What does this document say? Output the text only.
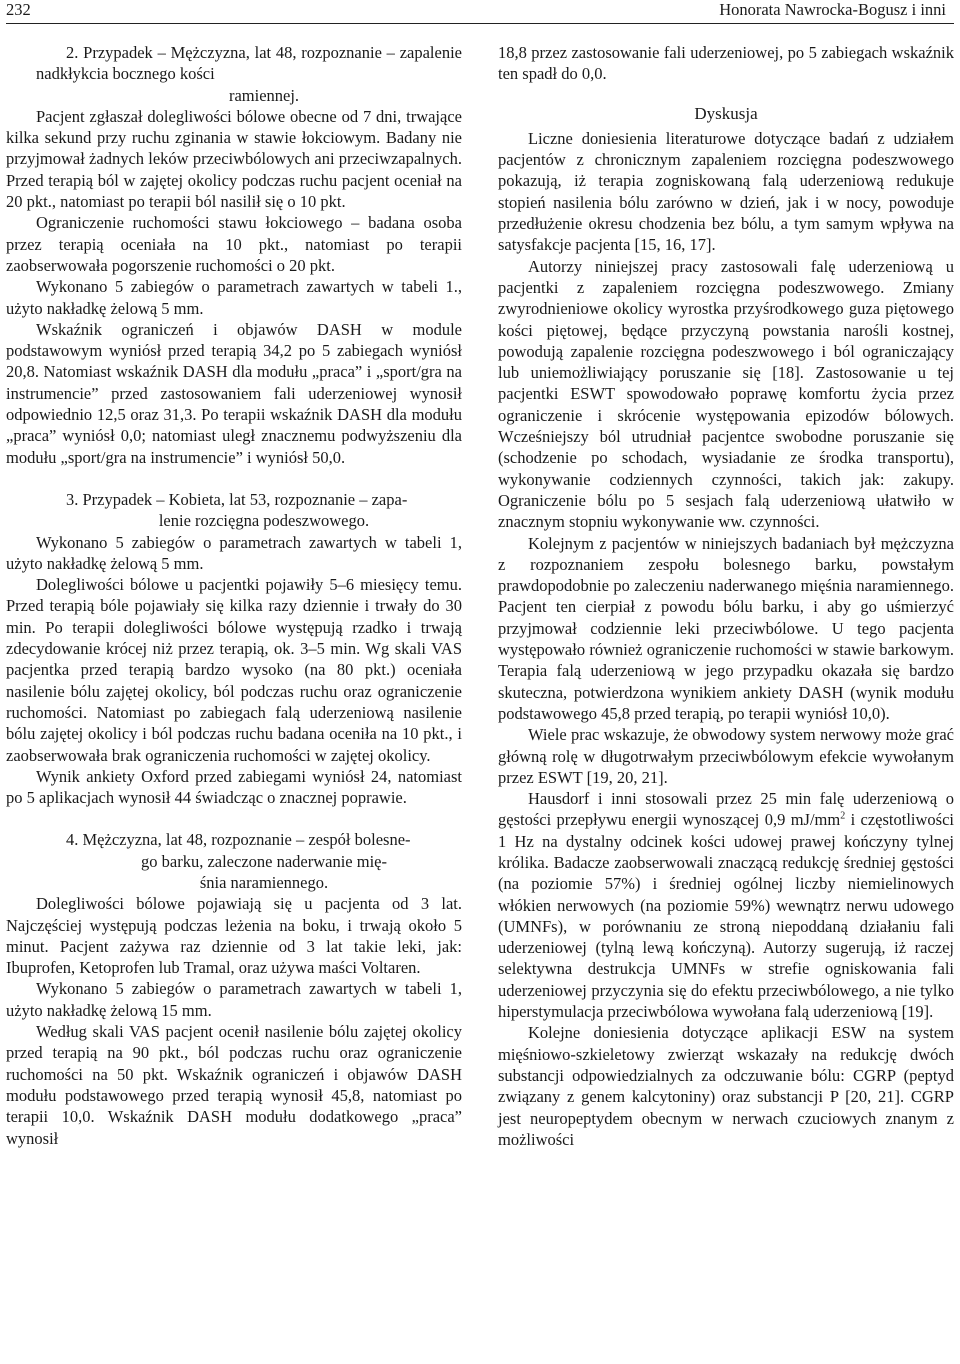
232	Honorata Nawrocka-Bogusz i inni

2. Przypadek – Mężczyzna, lat 48, rozpoznanie – zapalenie nadkłykcia bocznego kości
ramiennej.

Pacjent zgłaszał dolegliwości bólowe obecne od 7 dni, trwające kilka sekund przy ruchu zginania w stawie łokciowym. Badany nie przyjmował żadnych leków przeciwbólowych ani przeciwzapalnych. Przed terapią ból w zajętej okolicy podczas ruchu pacjent oceniał na 20 pkt., natomiast po terapii ból nasilił się o 10 pkt.

Ograniczenie ruchomości stawu łokciowego – badana osoba przez terapią oceniała na 10 pkt., natomiast po terapii zaobserwowała pogorszenie ruchomości o 20 pkt.

Wykonano 5 zabiegów o parametrach zawartych w tabeli 1., użyto nakładkę żelową 5 mm.

Wskaźnik ograniczeń i objawów DASH w module podstawowym wyniósł przed terapią 34,2 po 5 zabiegach wyniósł 20,8. Natomiast wskaźnik DASH dla modułu „praca” i „sport/gra na instrumencie” przed zastosowaniem fali uderzeniowej wynosił odpowiednio 12,5 oraz 31,3. Po terapii wskaźnik DASH dla modułu „praca” wyniósł 0,0; natomiast uległ znacznemu podwyższeniu dla modułu „sport/gra na instrumencie” i wyniósł 50,0.

3. Przypadek – Kobieta, lat 53, rozpoznanie – zapa-
lenie rozcięgna podeszwowego.

Wykonano 5 zabiegów o parametrach zawartych w tabeli 1, użyto nakładkę żelową 5 mm.

Dolegliwości bólowe u pacjentki pojawiły 5–6 miesięcy temu. Przed terapią bóle pojawiały się kilka razy dziennie i trwały do 30 min. Po terapii dolegliwości bólowe występują rzadko i trwają zdecydowanie krócej niż przez terapią, ok. 3–5 min. Wg skali VAS pacjentka przed terapią bardzo wysoko (na 80 pkt.) oceniała nasilenie bólu zajętej okolicy, ból podczas ruchu oraz ograniczenie ruchomości. Natomiast po zabiegach falą uderzeniową nasilenie bólu zajętej okolicy i ból podczas ruchu badana oceniła na 10 pkt., i zaobserwowała brak ograniczenia ruchomości w zajętej okolicy.

Wynik ankiety Oxford przed zabiegami wyniósł 24, natomiast po 5 aplikacjach wynosił 44 świadcząc o znacznej poprawie.

4. Mężczyzna, lat 48, rozpoznanie – zespół bolesne-
go barku, zaleczone naderwanie mię-
śnia naramiennego.

Dolegliwości bólowe pojawiają się u pacjenta od 3 lat. Najczęściej występują podczas leżenia na boku, i trwają około 5 minut. Pacjent zażywa raz dziennie od 3 lat takie leki, jak: Ibuprofen, Ketoprofen lub Tramal, oraz używa maści Voltaren.

Wykonano 5 zabiegów o parametrach zawartych w tabeli 1, użyto nakładkę żelową 15 mm.

Według skali VAS pacjent ocenił nasilenie bólu zajętej okolicy przed terapią na 90 pkt., ból podczas ruchu oraz ograniczenie ruchomości na 50 pkt. Wskaźnik ograniczeń i objawów DASH modułu podstawowego przed terapią wynosił 45,8, natomiast po terapii 10,0. Wskaźnik DASH modułu dodatkowego „praca” wynosił

18,8 przez zastosowanie fali uderzeniowej, po 5 zabiegach wskaźnik ten spadł do 0,0.

Dyskusja

Liczne doniesienia literaturowe dotyczące badań z udziałem pacjentów z chronicznym zapaleniem rozcięgna podeszwowego pokazują, iż terapia zogniskowaną falą uderzeniową redukuje stopień nasilenia bólu zarówno w dzień, jak i w nocy, powoduje przedłużenie okresu chodzenia bez bólu, a tym samym wpływa na satysfakcje pacjenta [15, 16, 17].

Autorzy niniejszej pracy zastosowali falę uderzeniową u pacjentki z zapaleniem rozcięgna podeszwowego. Zmiany zwyrodnieniowe okolicy wyrostka przyśrodkowego guza piętowego kości piętowej, będące przyczyną powstania narośli kostnej, powodują zapalenie rozcięgna podeszwowego i ból ograniczający lub uniemożliwiający poruszanie się [18]. Zastosowanie u tej pacjentki ESWT spowodowało poprawę komfortu życia przez ograniczenie i skrócenie występowania epizodów bólowych. Wcześniejszy ból utrudniał pacjentce swobodne poruszanie się (schodzenie po schodach, wysiadanie ze środka transportu), wykonywanie codziennych czynności, takich jak: zakupy. Ograniczenie bólu po 5 sesjach falą uderzeniową ułatwiło w znacznym stopniu wykonywanie ww. czynności.

Kolejnym z pacjentów w niniejszych badaniach był mężczyzna z rozpoznaniem zespołu bolesnego barku, powstałym prawdopodobnie po zaleczeniu naderwanego mięśnia naramiennego. Pacjent ten cierpiał z powodu bólu barku, i aby go uśmierzyć przyjmował codziennie leki przeciwbólowe. U tego pacjenta występowało również ograniczenie ruchomości w stawie barkowym. Terapia falą uderzeniową w jego przypadku okazała się bardzo skuteczna, potwierdzona wynikiem ankiety DASH (wynik modułu podstawowego 45,8 przed terapią, po terapii wyniósł 10,0).

Wiele prac wskazuje, że obwodowy system nerwowy może grać główną rolę w długotrwałym przeciwbólowym efekcie wywołanym przez ESWT [19, 20, 21].

Hausdorf i inni stosowali przez 25 min falę uderzeniową o gęstości przepływu energii wynoszącej 0,9 $mJ/mm^2$ i częstotliwości 1 Hz na dystalny odcinek kości udowej prawej kończyny tylnej królika. Badacze zaobserwowali znaczącą redukcję średniej gęstości (na poziomie 57%) i średniej ogólnej liczby niemielinowych włókien nerwowych (na poziomie 59%) wewnątrz nerwu udowego (UMNFs), w porównaniu ze stroną niepoddaną działaniu fali uderzeniowej (tylną lewą kończyną). Autorzy sugerują, iż raczej selektywna destrukcja UMNFs w strefie ogniskowania fali uderzeniowej przyczynia się do efektu przeciwbólowego, a nie tylko hiperstymulacja przeciwbólowa wywołana falą uderzeniową [19].

Kolejne doniesienia dotyczące aplikacji ESW na system mięśniowo-szkieletowy zwierząt wskazały na redukcję dwóch substancji odpowiedzialnych za odczuwanie bólu: CGRP (peptyd związany z genem kalcytoniny) oraz substancji P [20, 21]. CGRP jest neuropeptydem obecnym w nerwach czuciowych znanym z możliwości
